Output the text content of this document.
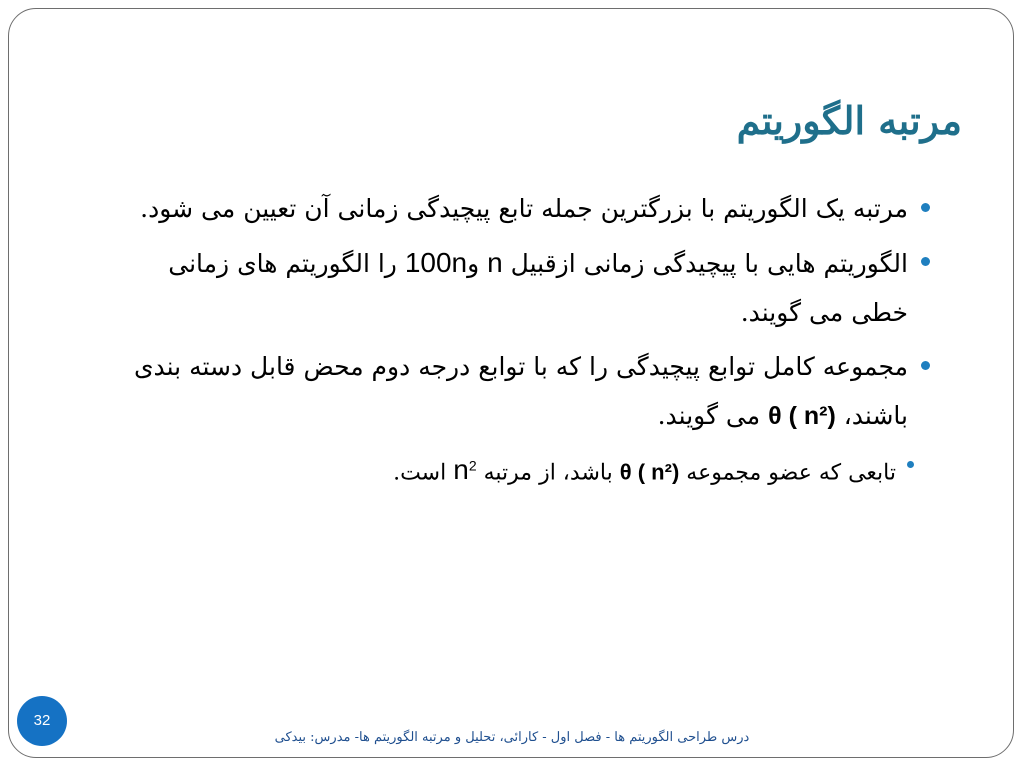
مرتبه الگوریتم
مرتبه یک الگوریتم با بزرگترین جمله تابع پیچیدگی زمانی آن تعیین می شود.
الگوریتم هایی با پیچیدگی زمانی ازقبیل n و100n را الگوریتم های زمانی
خطی می گویند.
مجموعه کامل توابع پیچیدگی را که با توابع درجه دوم محض قابل دسته بندی
باشند، θ ( n²) می گویند.
تابعی که عضو مجموعه θ ( n²) باشد، از مرتبه $n^2$ است.
32
درس طراحی الگوریتم ها - فصل اول - کارائی، تحلیل و مرتبه الگوریتم ها- مدرس: بیدکی
